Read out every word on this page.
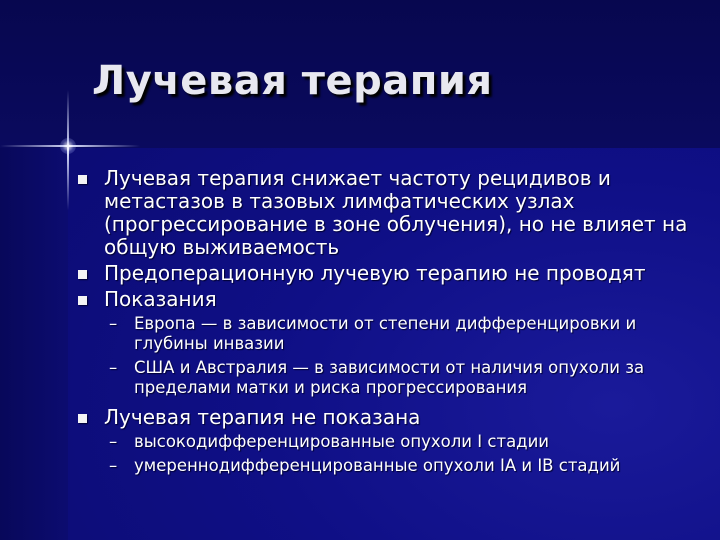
Лучевая терапия
Лучевая терапия снижает частоту рецидивов и метастазов в тазовых лимфатических узлах (прогрессирование в зоне облучения), но не влияет на общую выживаемость
Предоперационную лучевую терапию не проводят
Показания
– Европа — в зависимости от степени дифференцировки и глубины инвазии
– США и Австралия — в зависимости от наличия опухоли за пределами матки и риска прогрессирования
Лучевая терапия не показана
– высокодифференцированные опухоли I стадии
– умереннодифференцированные опухоли IA и IB стадий
